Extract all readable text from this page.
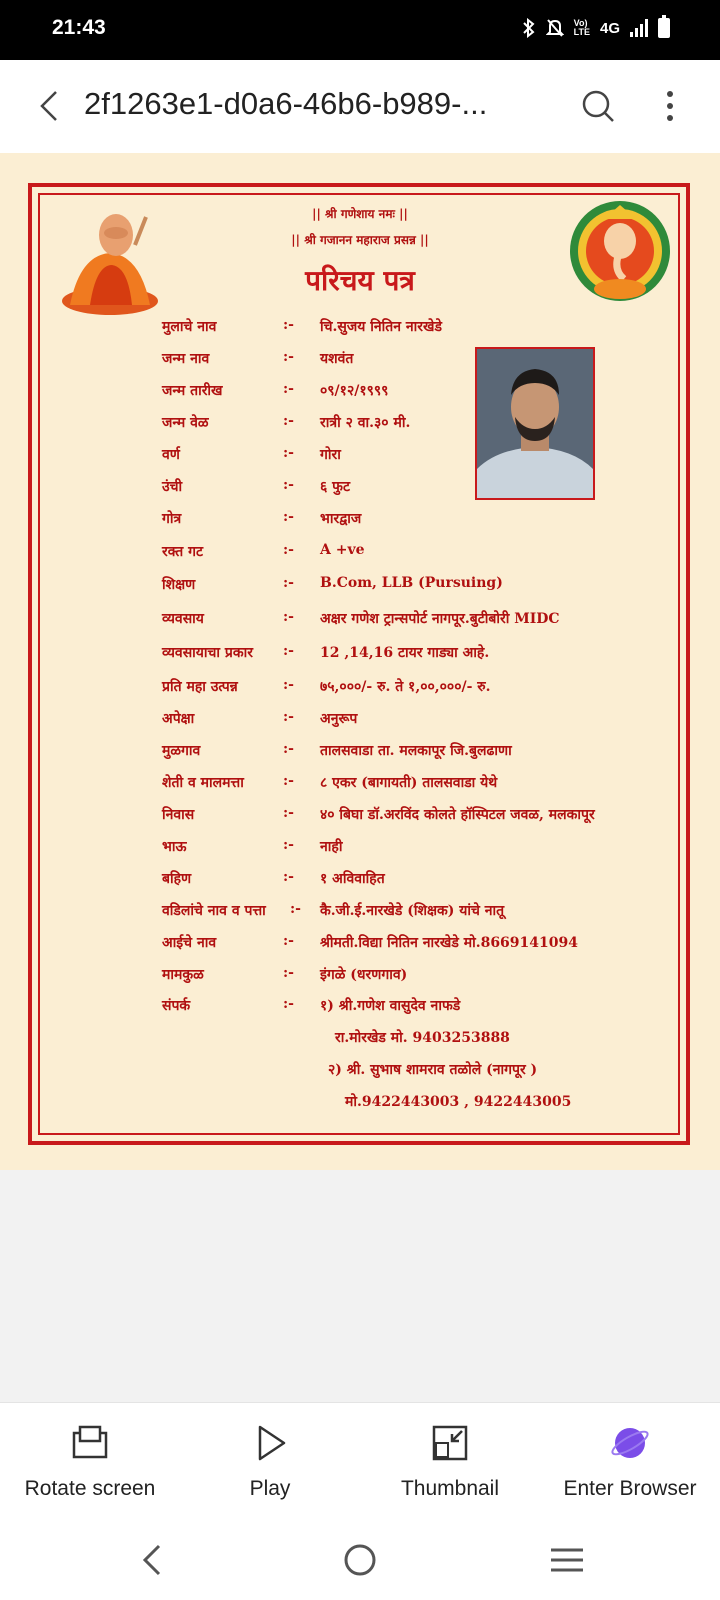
21:43	Vo)
LTE 4G
2f1263e1-d0a6-46b6-b989-...
|| श्री गणेशाय नमः ||
|| श्री गजानन महाराज प्रसन्न ||
परिचय पत्र
मुलाचे नाव	:- चि.सुजय नितिन नारखेडे
जन्म नाव	:- यशवंत
जन्म तारीख	:- ०९/१२/१९९९
जन्म वेळ	:- रात्री २ वा.३० मी.
वर्ण	:- गोरा
उंची	:- ६ फुट
गोत्र	:- भारद्वाज
रक्त गट	:- A +ve
शिक्षण	:- B.Com, LLB (Pursuing)
व्यवसाय	:- अक्षर गणेश ट्रान्सपोर्ट नागपूर.बुटीबोरी MIDC
व्यवसायाचा प्रकार :- 12 ,14,16 टायर गाड्या आहे.
प्रति महा उत्पन्न	:- ७५,०००/- रु. ते १,००,०००/- रु.
अपेक्षा	:- अनुरूप
मुळगाव	:- तालसवाडा ता. मलकापूर जि.बुलढाणा
शेती व मालमत्ता	:- ८ एकर (बागायती) तालसवाडा येथे
निवास	:- ४० बिघा डॉ.अरविंद कोलते हॉस्पिटल जवळ, मलकापूर
भाऊ	:- नाही
बहिण	:- १ अविवाहित
वडिलांचे नाव व पत्ता :- कै.जी.ई.नारखेडे (शिक्षक) यांचे नातू
आईचे नाव	:- श्रीमती.विद्या नितिन नारखेडे मो.8669141094
मामकुळ	:- इंगळे (धरणगाव)
संपर्क	:- १) श्री.गणेश वासुदेव नाफडे
रा.मोरखेड मो. 9403253888
२) श्री. सुभाष शामराव तळोले (नागपूर )
मो.9422443003 , 9422443005
Rotate screen	Play	Thumbnail	Enter Browser
